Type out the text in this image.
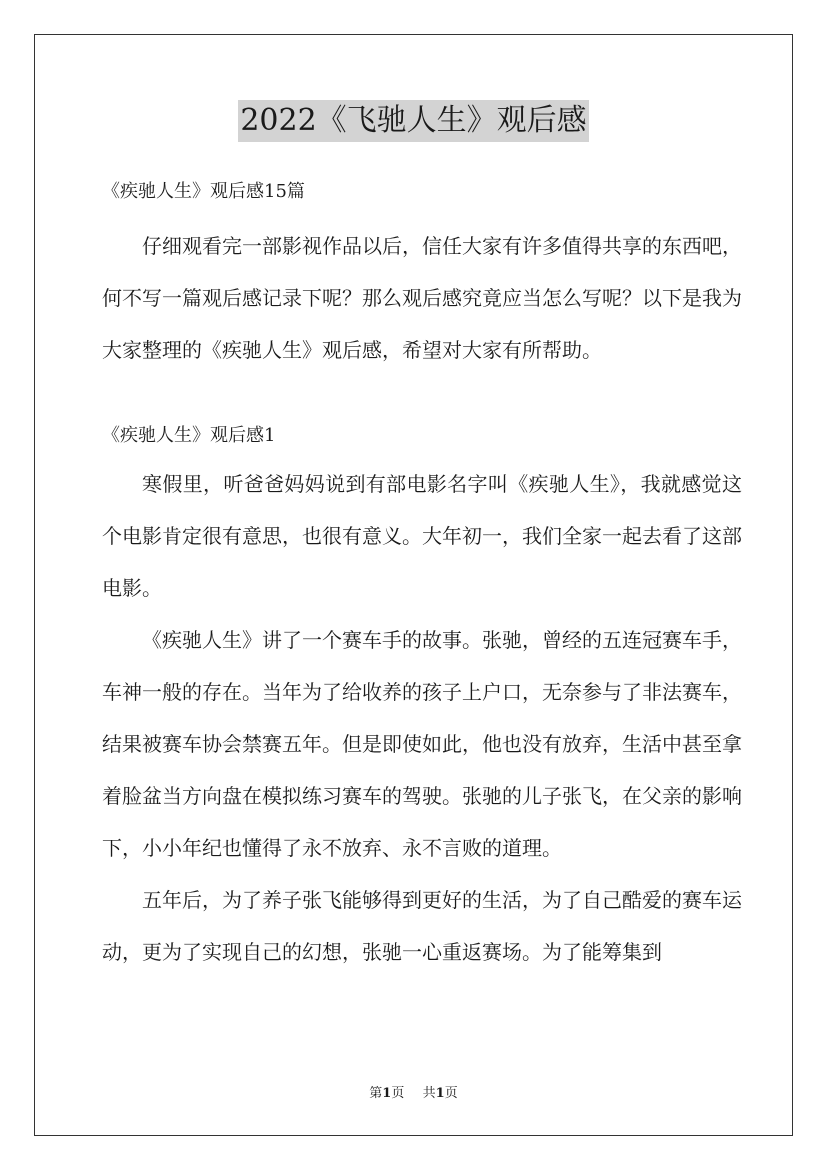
2022《飞驰人生》观后感

《疾驰人生》观后感15篇

仔细观看完一部影视作品以后，信任大家有许多值得共享的东西吧，何不写一篇观后感记录下呢？那么观后感究竟应当怎么写呢？以下是我为大家整理的《疾驰人生》观后感，希望对大家有所帮助。

《疾驰人生》观后感1

寒假里，听爸爸妈妈说到有部电影名字叫《疾驰人生》，我就感觉这个电影肯定很有意思，也很有意义。大年初一，我们全家一起去看了这部电影。

《疾驰人生》讲了一个赛车手的故事。张驰，曾经的五连冠赛车手，车神一般的存在。当年为了给收养的孩子上户口，无奈参与了非法赛车，结果被赛车协会禁赛五年。但是即使如此，他也没有放弃，生活中甚至拿着脸盆当方向盘在模拟练习赛车的驾驶。张驰的儿子张飞，在父亲的影响下，小小年纪也懂得了永不放弃、永不言败的道理。

五年后，为了养子张飞能够得到更好的生活，为了自己酷爱的赛车运动，更为了实现自己的幻想，张驰一心重返赛场。为了能筹集到

第1页 共1页
